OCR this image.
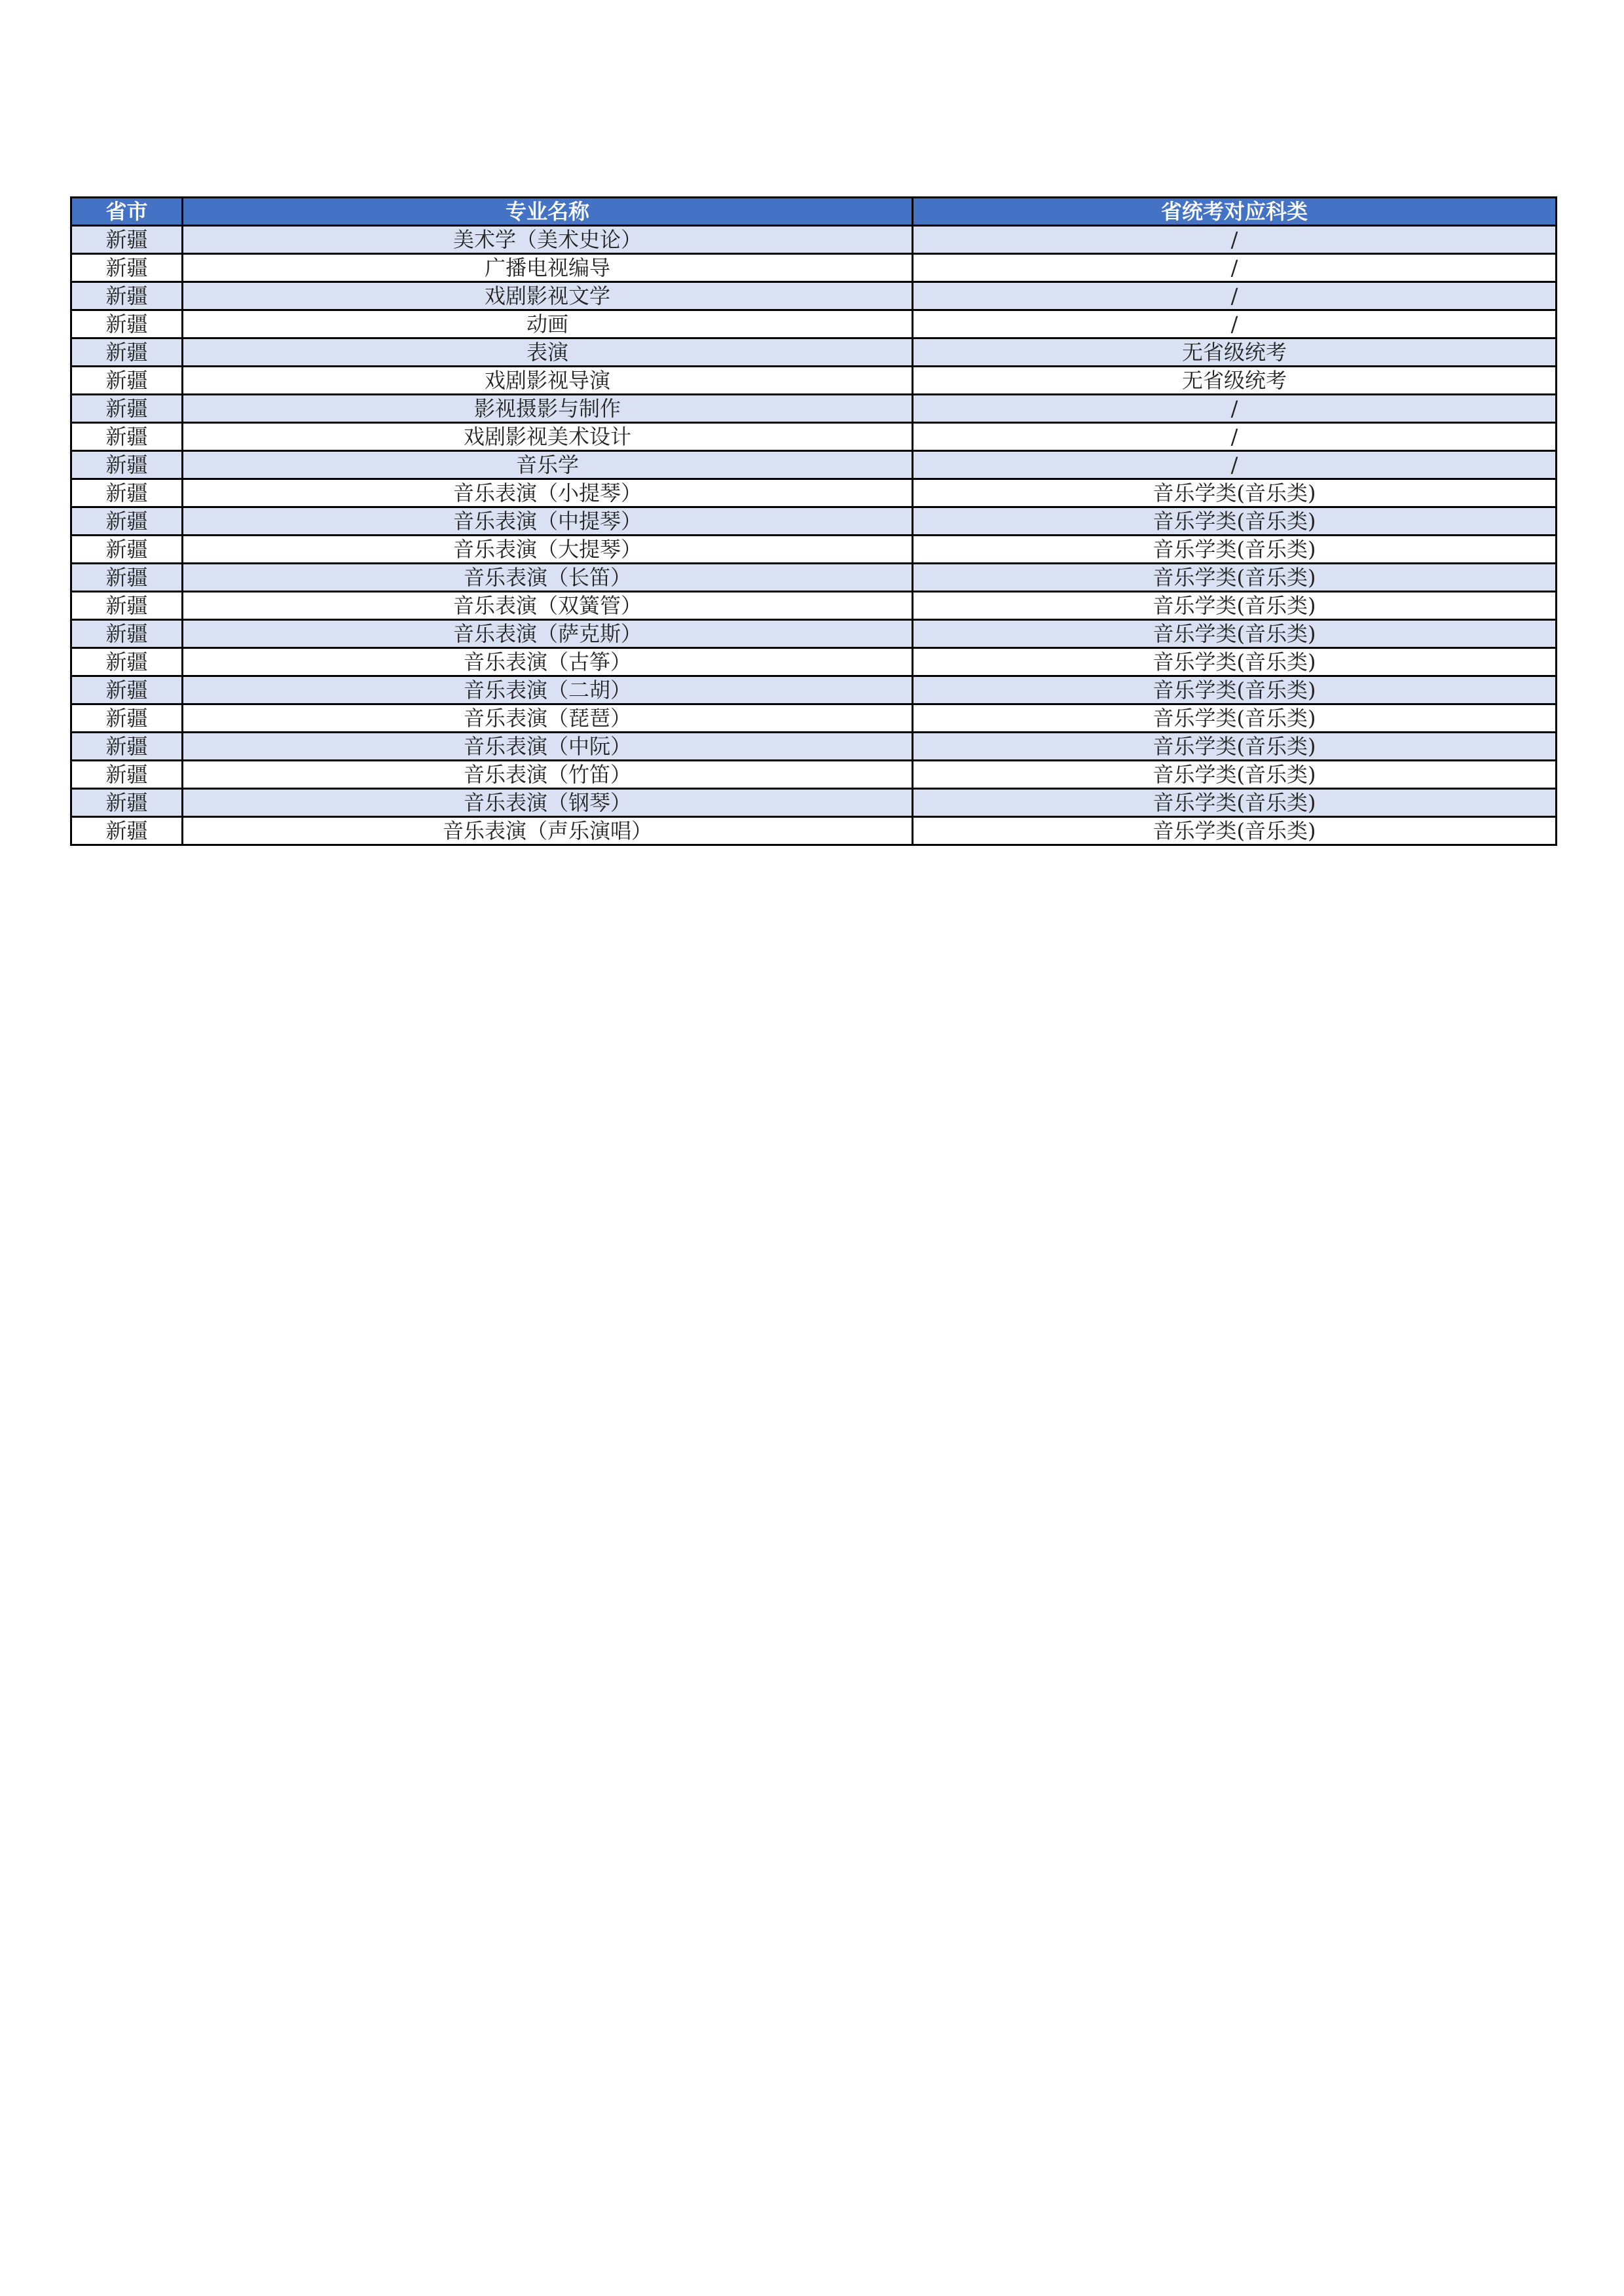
省市	专业名称	省统考对应科类
新疆	美术学（美术史论）	/
新疆	广播电视编导	/
新疆	戏剧影视文学	/
新疆	动画	/
新疆	表演	无省级统考
新疆	戏剧影视导演	无省级统考
新疆	影视摄影与制作	/
新疆	戏剧影视美术设计	/
新疆	音乐学	/
新疆	音乐表演（小提琴）	音乐学类(音乐类)
新疆	音乐表演（中提琴）	音乐学类(音乐类)
新疆	音乐表演（大提琴）	音乐学类(音乐类)
新疆	音乐表演（长笛）	音乐学类(音乐类)
新疆	音乐表演（双簧管）	音乐学类(音乐类)
新疆	音乐表演（萨克斯）	音乐学类(音乐类)
新疆	音乐表演（古筝）	音乐学类(音乐类)
新疆	音乐表演（二胡）	音乐学类(音乐类)
新疆	音乐表演（琵琶）	音乐学类(音乐类)
新疆	音乐表演（中阮）	音乐学类(音乐类)
新疆	音乐表演（竹笛）	音乐学类(音乐类)
新疆	音乐表演（钢琴）	音乐学类(音乐类)
新疆	音乐表演（声乐演唱）	音乐学类(音乐类)
